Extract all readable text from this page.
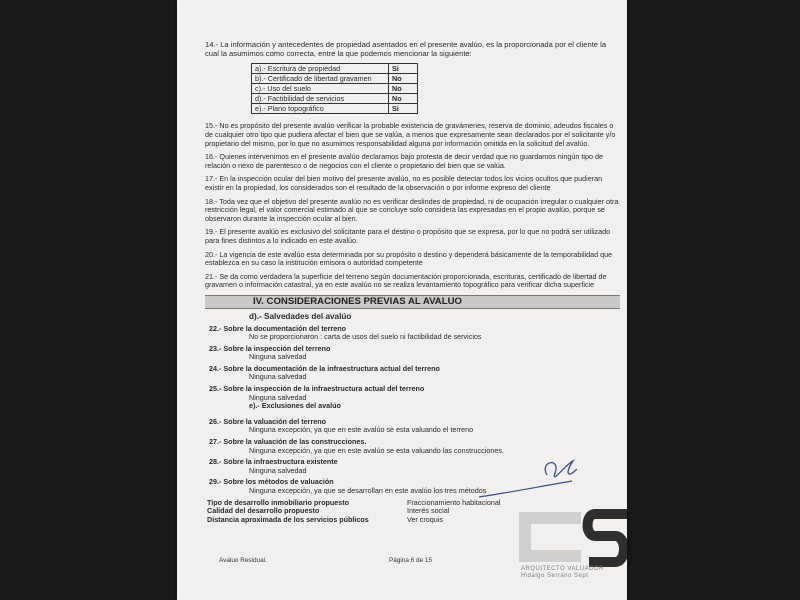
14.- La información y antecedentes de propiedad asentados en el presente avalúo, es la proporcionada por el cliente la cual la asumimos como correcta, entre la que podemos mencionar la siguiente:

a).- Escritura de propiedad	Si
b).- Certificado de libertad gravamen	No
c).- Uso del suelo	No
d).- Factibilidad de servicios	No
e).- Plano topográfico	Si

15.- No es propósito del presente avalúo verificar la probable existencia de gravámenes, reserva de dominio, adeudos fiscales o de cualquier otro tipo que pudiera afectar el bien que se valúa, a menos que expresamente sean declarados por el solicitante y/o propietario del mismo, por lo que no asumimos responsabilidad alguna por información omitida en la solicitud del avalúo.

16.- Quienes intervenimos en el presente avalúo declaramos bajo protesta de decir verdad que no guardamos ningún tipo de relación o nexo de parentesco o de negocios con el cliente o propietario del bien que se valúa.

17.- En la inspección ocular del bien motivo del presente avalúo, no es posible detectar todos los vicios ocultos que pudieran existir en la propiedad, los considerados son el resultado de la observación o por informe expreso del cliente

18.- Toda vez que el objetivo del presente avalúo no es verificar deslindes de propiedad, ni de ocupación irregular o cualquier otra restricción legal, el valor comercial estimado al que se concluye solo considera las expresadas en el propio avalúo, porque se observaron durante la inspección ocular al bien.

19.- El presente avalúo es exclusivo del solicitante para el destino o propósito que se expresa, por lo que no podrá ser utilizado para fines distintos a lo indicado en este avalúo.

20.- La vigencia de este avalúo esta determinada por su propósito o destino y dependerá básicamente de la temporabilidad que establezca en su caso la institución emisora o autoridad competente

21.- Se da como verdadera la superficie del terreno según documentación proporcionada, escrituras, certificado de libertad de gravamen o información catastral, ya en este avalúo no se realiza levantamiento topográfico para verificar dicha superficie

IV. CONSIDERACIONES PREVIAS AL AVALUO
d).- Salvedades del avalúo
22.- Sobre la documentación del terreno
No se proporcionaron : carta de usos del suelo ni factibilidad de servicios
23.- Sobre la inspección del terreno
Ninguna salvedad
24.- Sobre la documentación de la infraestructura actual del terreno
Ninguna salvedad
25.- Sobre la inspección de la infraestructura actual del terreno
Ninguna salvedad
e).- Exclusiones del avalúo
26.- Sobre la valuación del terreno
Ninguna excepción, ya que en este avalúo se esta valuando el terreno
27.- Sobre la valuación de las construcciones.
Ninguna excepción, ya que en este avalúo se esta valuando las construcciones.
28.- Sobre la infraestructura existente
Ninguna salvedad
29.- Sobre los métodos de valuación
Ninguna excepción, ya que se desarrollan en este avalúo los tres métodos
Tipo de desarrollo inmobiliario propuesto	Fraccionamiento habitacional
Calidad del desarrollo propuesto	Interés social
Distancia aproximada de los servicios públicos	Ver croquis
ARQUITECTO VALUADOR
Hidalgo Serrano Sept
Avaluo Residual.	Página 6 de 15
